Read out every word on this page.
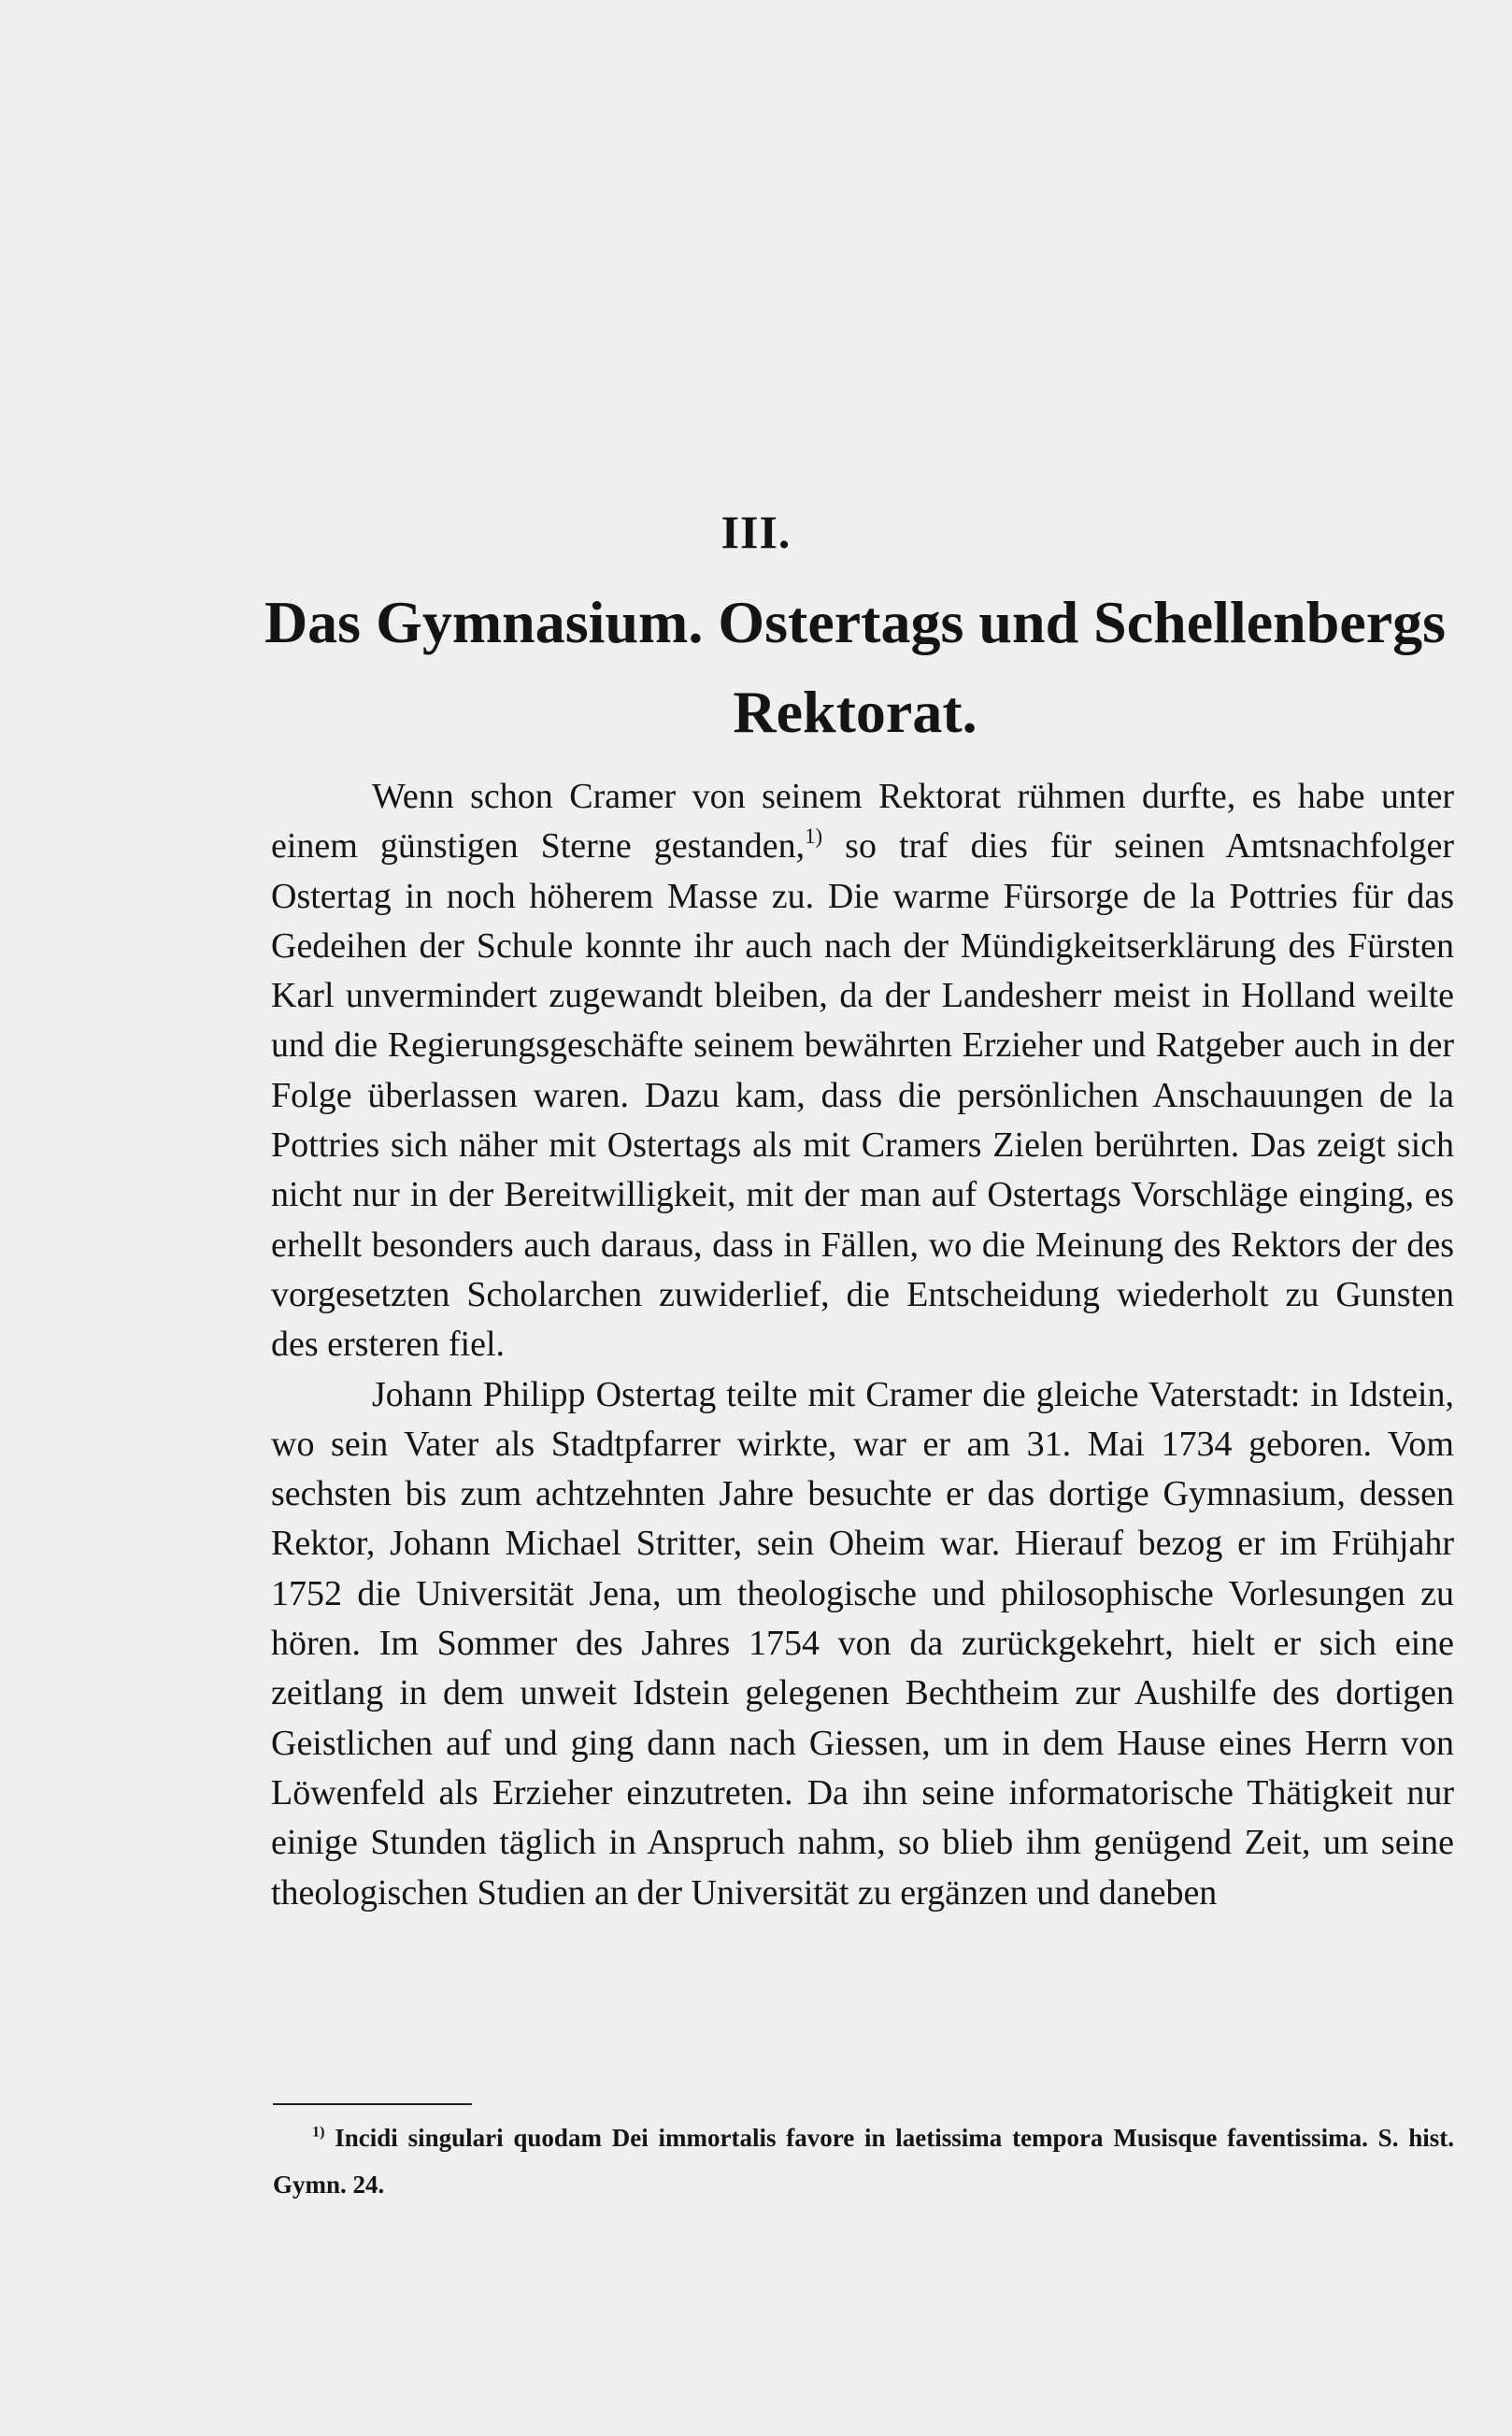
III.
Das Gymnasium. Ostertags und Schellenbergs Rektorat.

Wenn schon Cramer von seinem Rektorat rühmen durfte, es habe unter einem günstigen Sterne gestanden,$^{1)}$ so traf dies für seinen Amtsnachfolger Ostertag in noch höherem Masse zu. Die warme Fürsorge de la Pottries für das Gedeihen der Schule konnte ihr auch nach der Mündigkeitserklärung des Fürsten Karl unvermindert zugewandt bleiben, da der Landesherr meist in Holland weilte und die Regierungsgeschäfte seinem bewährten Erzieher und Ratgeber auch in der Folge überlassen waren. Dazu kam, dass die persönlichen Anschauungen de la Pottries sich näher mit Ostertags als mit Cramers Zielen berührten. Das zeigt sich nicht nur in der Bereitwilligkeit, mit der man auf Ostertags Vorschläge einging, es erhellt besonders auch daraus, dass in Fällen, wo die Meinung des Rektors der des vorgesetzten Scholarchen zuwiderlief, die Entscheidung wiederholt zu Gunsten des ersteren fiel.

Johann Philipp Ostertag teilte mit Cramer die gleiche Vaterstadt: in Idstein, wo sein Vater als Stadtpfarrer wirkte, war er am 31. Mai 1734 geboren. Vom sechsten bis zum achtzehnten Jahre besuchte er das dortige Gymnasium, dessen Rektor, Johann Michael Stritter, sein Oheim war. Hierauf bezog er im Frühjahr 1752 die Universität Jena, um theologische und philosophische Vorlesungen zu hören. Im Sommer des Jahres 1754 von da zurückgekehrt, hielt er sich eine zeitlang in dem unweit Idstein gelegenen Bechtheim zur Aushilfe des dortigen Geistlichen auf und ging dann nach Giessen, um in dem Hause eines Herrn von Löwenfeld als Erzieher einzutreten. Da ihn seine informatorische Thätigkeit nur einige Stunden täglich in Anspruch nahm, so blieb ihm genügend Zeit, um seine theologischen Studien an der Universität zu ergänzen und daneben

$^{1)}$ Incidi singulari quodam Dei immortalis favore in laetissima tempora Musisque faventissima. S. hist. Gymn. 24.
